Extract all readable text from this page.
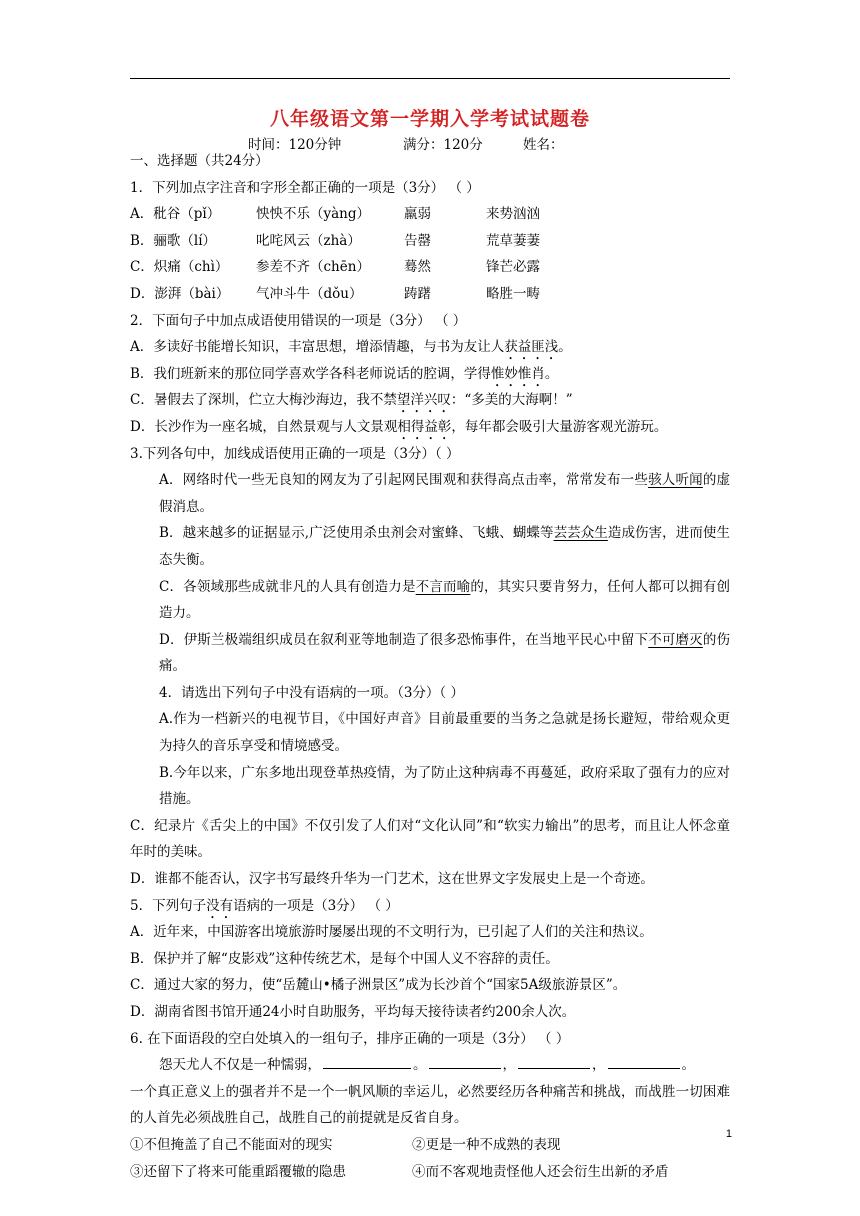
八年级语文第一学期入学考试试题卷
时间：120分钟	满分：120分	姓名：
一、选择题（共24分）
1．下列加点字注音和字形全都正确的一项是（3分） （ ）
A．秕谷（pǐ）	怏怏不乐（yàng）	羸弱	来势汹汹
B．骊歌（lí）	叱咤风云（zhà）	告罄	荒草萋萋
C．炽痛（chì）	参差不齐（chēn）	蓦然	锋芒必露
D．澎湃（bài）	气冲斗牛（dǒu）	踌躇	略胜一畴
2．下面句子中加点成语使用错误的一项是（3分） （ ）
A．多读好书能增长知识，丰富思想，增添情趣，与书为友让人获益匪浅。
B．我们班新来的那位同学喜欢学各科老师说话的腔调，学得惟妙惟肖。
C．暑假去了深圳，伫立大梅沙海边，我不禁望洋兴叹：“多美的大海啊！”
D．长沙作为一座名城，自然景观与人文景观相得益彰，每年都会吸引大量游客观光游玩。
3.下列各句中，加线成语使用正确的一项是（3分）（ ）
A．网络时代一些无良知的网友为了引起网民围观和获得高点击率，常常发布一些骇人听闻的虚假消息。
B．越来越多的证据显示,广泛使用杀虫剂会对蜜蜂、飞蛾、蝴蝶等芸芸众生造成伤害，进而使生态失衡。
C．各领域那些成就非凡的人具有创造力是不言而喻的，其实只要肯努力，任何人都可以拥有创造力。
D．伊斯兰极端组织成员在叙利亚等地制造了很多恐怖事件，在当地平民心中留下不可磨灭的伤痛。
4．请选出下列句子中没有语病的一项。（3分）（ ）
A.作为一档新兴的电视节目，《中国好声音》目前最重要的当务之急就是扬长避短，带给观众更为持久的音乐享受和情境感受。
B.今年以来，广东多地出现登革热疫情，为了防止这种病毒不再蔓延，政府采取了强有力的应对措施。
C．纪录片《舌尖上的中国》不仅引发了人们对“文化认同”和“软实力输出”的思考，而且让人怀念童年时的美味。
D．谁都不能否认，汉字书写最终升华为一门艺术，这在世界文字发展史上是一个奇迹。
5．下列句子没有语病的一项是（3分） （ ）
A．近年来，中国游客出境旅游时屡屡出现的不文明行为，已引起了人们的关注和热议。
B．保护并了解“皮影戏”这种传统艺术，是每个中国人义不容辞的责任。
C．通过大家的努力，使“岳麓山•橘子洲景区”成为长沙首个“国家5A级旅游景区”。
D．湖南省图书馆开通24小时自助服务，平均每天接待读者约200余人次。
6. 在下面语段的空白处填入的一组句子，排序正确的一项是（3分） （ ）
怨天尤人不仅是一种懦弱，	。	，	，	。
一个真正意义上的强者并不是一个一帆风顺的幸运儿，必然要经历各种痛苦和挑战，而战胜一切困难的人首先必须战胜自己，战胜自己的前提就是反省自身。
①不但掩盖了自己不能面对的现实	②更是一种不成熟的表现
③还留下了将来可能重蹈覆辙的隐患	④而不客观地责怪他人还会衍生出新的矛盾
1
